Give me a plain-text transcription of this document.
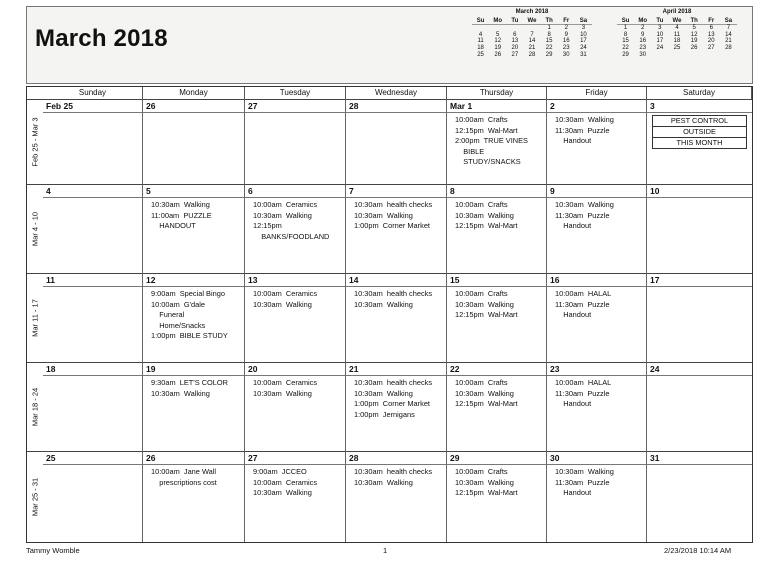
March 2018
March 2018
Su	Mo	Tu	We	Th	Fr	Sa
				1	2	3
4	5	6	7	8	9	10
11	12	13	14	15	16	17
18	19	20	21	22	23	24
25	26	27	28	29	30	31
April 2018
Su	Mo	Tu	We	Th	Fr	Sa
1	2	3	4	5	6	7
8	9	10	11	12	13	14
15	16	17	18	19	20	21
22	23	24	25	26	27	28
29	30					
Sunday	Monday	Tuesday	Wednesday	Thursday	Friday	Saturday
Feb 25 - Mar 3
Feb 25	26	27	28	Mar 1
10:00am  Crafts
12:15pm  Wal-Mart
2:00pm  TRUE VINES
BIBLE
STUDY/SNACKS
2
10:30am  Walking
11:30am  Puzzle
Handout
3
PEST CONTROL
OUTSIDE
THIS MONTH
Mar 4 - 10
4	5
10:30am  Walking
11:00am  PUZZLE
HANDOUT
6
10:00am  Ceramics
10:30am  Walking
12:15pm
BANKS/FOODLAND
7
10:30am  health checks
10:30am  Walking
1:00pm  Corner Market
8
10:00am  Crafts
10:30am  Walking
12:15pm  Wal-Mart
9
10:30am  Walking
11:30am  Puzzle
Handout
10
Mar 11 - 17
11	12
9:00am  Special Bingo
10:00am  G'dale
Funeral
Home/Snacks
1:00pm  BIBLE STUDY
13
10:00am  Ceramics
10:30am  Walking
14
10:30am  health checks
10:30am  Walking
15
10:00am  Crafts
10:30am  Walking
12:15pm  Wal-Mart
16
10:00am  HALAL
11:30am  Puzzle
Handout
17
Mar 18 - 24
18	19
9:30am  LET'S COLOR
10:30am  Walking
20
10:00am  Ceramics
10:30am  Walking
21
10:30am  health checks
10:30am  Walking
1:00pm  Corner Market
1:00pm  Jernigans
22
10:00am  Crafts
10:30am  Walking
12:15pm  Wal-Mart
23
10:00am  HALAL
11:30am  Puzzle
Handout
24
Mar 25 - 31
25	26
10:00am  Jane Wall
prescriptions cost
27
9:00am  JCCEO
10:00am  Ceramics
10:30am  Walking
28
10:30am  health checks
10:30am  Walking
29
10:00am  Crafts
10:30am  Walking
12:15pm  Wal-Mart
30
10:30am  Walking
11:30am  Puzzle
Handout
31
Tammy Womble	1	2/23/2018 10:14 AM
